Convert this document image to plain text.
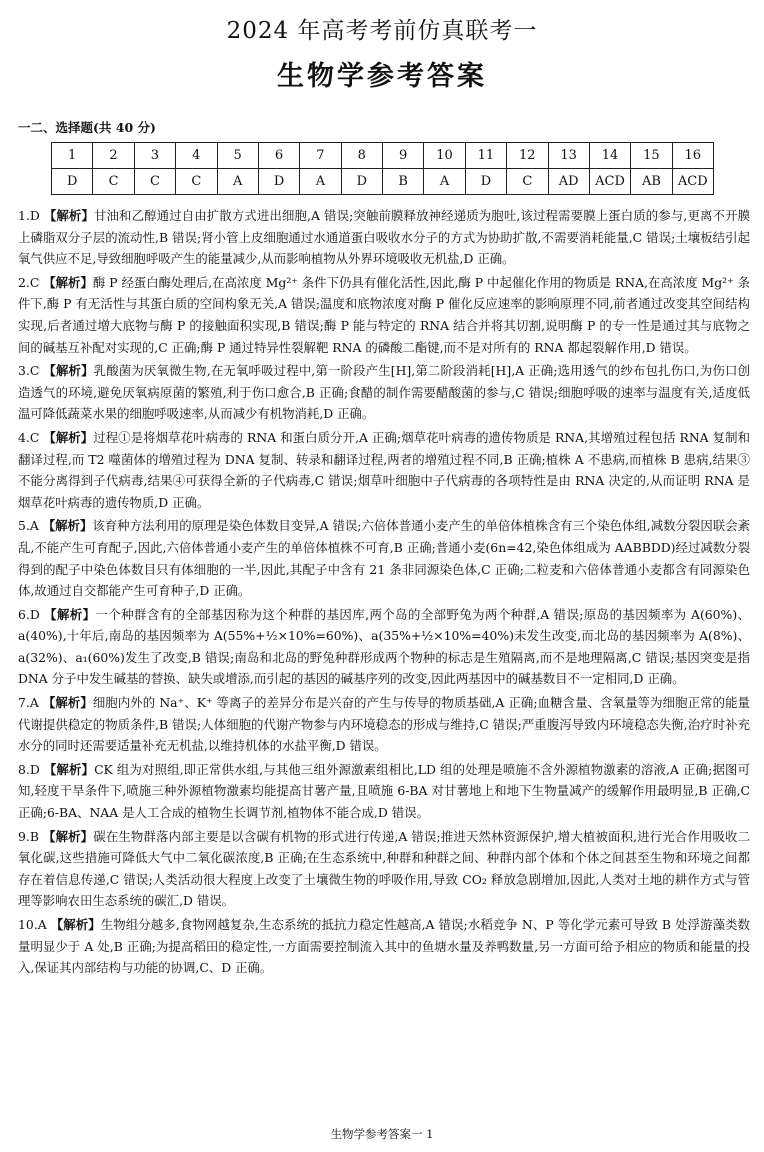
2024 年高考考前仿真联考一
生物学参考答案
一二、选择题(共 40 分)
1	2	3	4	5	6	7	8	9	10	11	12	13	14	15	16
D	C	C	C	A	D	A	D	B	A	D	C	AD	ACD	AB	ACD
1.D 【解析】甘油和乙醇通过自由扩散方式进出细胞,A 错误;突触前膜释放神经递质为胞吐,该过程需要膜上蛋白质的参与,更离不开膜上磷脂双分子层的流动性,B 错误;肾小管上皮细胞通过水通道蛋白吸收水分子的方式为协助扩散,不需要消耗能量,C 错误;土壤板结引起氧气供应不足,导致细胞呼吸产生的能量减少,从而影响植物从外界环境吸收无机盐,D 正确。
2.C 【解析】酶 P 经蛋白酶处理后,在高浓度 Mg²⁺ 条件下仍具有催化活性,因此,酶 P 中起催化作用的物质是 RNA,在高浓度 Mg²⁺ 条件下,酶 P 有无活性与其蛋白质的空间构象无关,A 错误;温度和底物浓度对酶 P 催化反应速率的影响原理不同,前者通过改变其空间结构实现,后者通过增大底物与酶 P 的接触面积实现,B 错误;酶 P 能与特定的 RNA 结合并将其切割,说明酶 P 的专一性是通过其与底物之间的碱基互补配对实现的,C 正确;酶 P 通过特异性裂解靶 RNA 的磷酸二酯键,而不是对所有的 RNA 都起裂解作用,D 错误。
3.C 【解析】乳酸菌为厌氧微生物,在无氧呼吸过程中,第一阶段产生[H],第二阶段消耗[H],A 正确;选用透气的纱布包扎伤口,为伤口创造透气的环境,避免厌氧病原菌的繁殖,利于伤口愈合,B 正确;食醋的制作需要醋酸菌的参与,C 错误;细胞呼吸的速率与温度有关,适度低温可降低蔬菜水果的细胞呼吸速率,从而减少有机物消耗,D 正确。
4.C 【解析】过程①是将烟草花叶病毒的 RNA 和蛋白质分开,A 正确;烟草花叶病毒的遗传物质是 RNA,其增殖过程包括 RNA 复制和翻译过程,而 T2 噬菌体的增殖过程为 DNA 复制、转录和翻译过程,两者的增殖过程不同,B 正确;植株 A 不患病,而植株 B 患病,结果③不能分离得到子代病毒,结果④可获得全新的子代病毒,C 错误;烟草叶细胞中子代病毒的各项特性是由 RNA 决定的,从而证明 RNA 是烟草花叶病毒的遗传物质,D 正确。
5.A 【解析】该育种方法利用的原理是染色体数目变异,A 错误;六倍体普通小麦产生的单倍体植株含有三个染色体组,减数分裂因联会紊乱,不能产生可育配子,因此,六倍体普通小麦产生的单倍体植株不可育,B 正确;普通小麦(6n=42,染色体组成为 AABBDD)经过减数分裂得到的配子中染色体数目只有体细胞的一半,因此,其配子中含有 21 条非同源染色体,C 正确;二粒麦和六倍体普通小麦都含有同源染色体,故通过自交都能产生可育种子,D 正确。
6.D 【解析】一个种群含有的全部基因称为这个种群的基因库,两个岛的全部野兔为两个种群,A 错误;原岛的基因频率为 A(60%)、a(40%),十年后,南岛的基因频率为 A(55%+½×10%=60%)、a(35%+½×10%=40%)未发生改变,而北岛的基因频率为 A(8%)、a(32%)、a₁(60%)发生了改变,B 错误;南岛和北岛的野兔种群形成两个物种的标志是生殖隔离,而不是地理隔离,C 错误;基因突变是指 DNA 分子中发生碱基的替换、缺失或增添,而引起的基因的碱基序列的改变,因此两基因中的碱基数目不一定相同,D 正确。
7.A 【解析】细胞内外的 Na⁺、K⁺ 等离子的差异分布是兴奋的产生与传导的物质基础,A 正确;血糖含量、含氧量等为细胞正常的能量代谢提供稳定的物质条件,B 错误;人体细胞的代谢产物参与内环境稳态的形成与维持,C 错误;严重腹泻导致内环境稳态失衡,治疗时补充水分的同时还需要适量补充无机盐,以维持机体的水盐平衡,D 错误。
8.D 【解析】CK 组为对照组,即正常供水组,与其他三组外源激素组相比,LD 组的处理是喷施不含外源植物激素的溶液,A 正确;据图可知,轻度干旱条件下,喷施三种外源植物激素均能提高甘薯产量,且喷施 6-BA 对甘薯地上和地下生物量减产的缓解作用最明显,B 正确,C 正确;6-BA、NAA 是人工合成的植物生长调节剂,植物体不能合成,D 错误。
9.B 【解析】碳在生物群落内部主要是以含碳有机物的形式进行传递,A 错误;推进天然林资源保护,增大植被面积,进行光合作用吸收二氧化碳,这些措施可降低大气中二氧化碳浓度,B 正确;在生态系统中,种群和种群之间、种群内部个体和个体之间甚至生物和环境之间都存在着信息传递,C 错误;人类活动很大程度上改变了土壤微生物的呼吸作用,导致 CO₂ 释放急剧增加,因此,人类对土地的耕作方式与管理等影响农田生态系统的碳汇,D 错误。
10.A 【解析】生物组分越多,食物网越复杂,生态系统的抵抗力稳定性越高,A 错误;水稻竞争 N、P 等化学元素可导致 B 处浮游藻类数量明显少于 A 处,B 正确;为提高稻田的稳定性,一方面需要控制流入其中的鱼塘水量及养鸭数量,另一方面可给予相应的物质和能量的投入,保证其内部结构与功能的协调,C、D 正确。
生物学参考答案一 1
